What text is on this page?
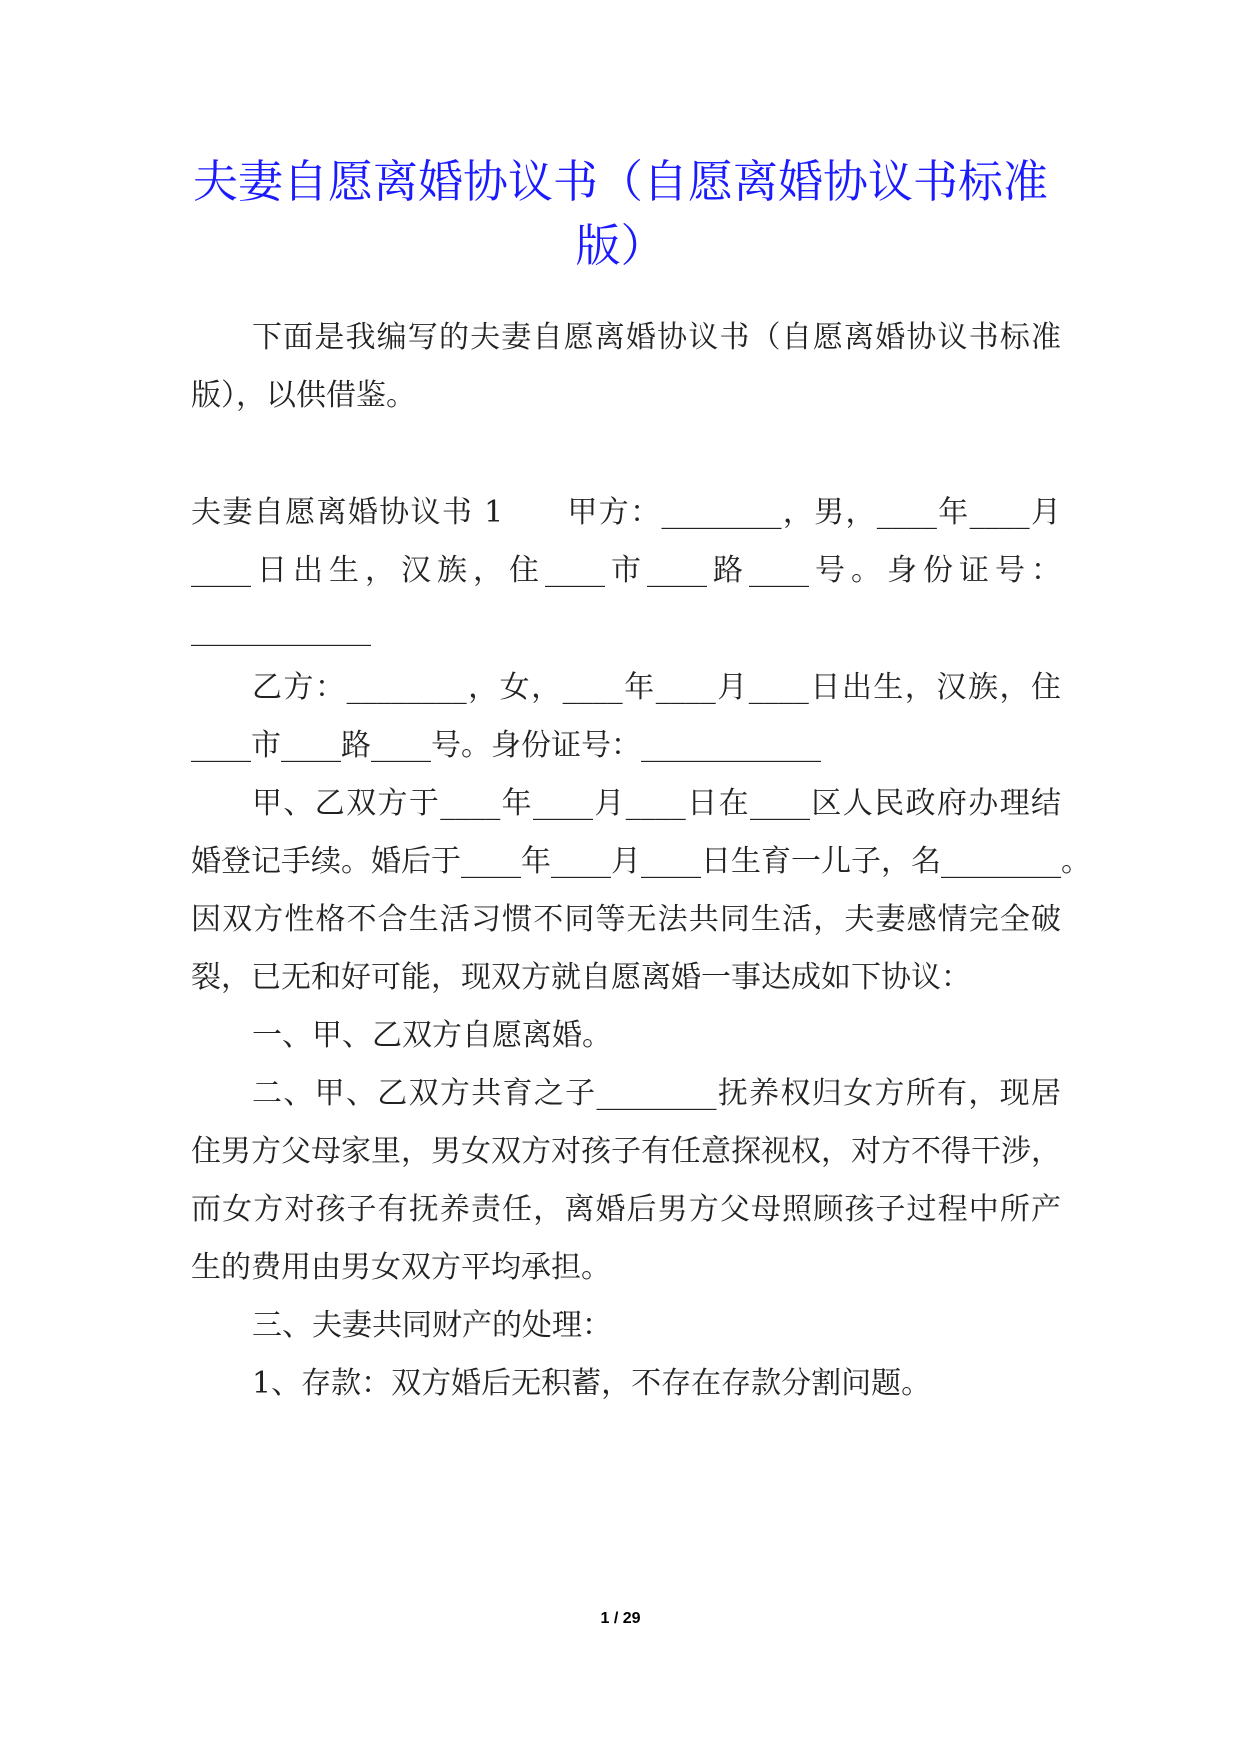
夫妻自愿离婚协议书（自愿离婚协议书标准
版）
下面是我编写的夫妻自愿离婚协议书（自愿离婚协议书标准
版），以供借鉴。
夫妻自愿离婚协议书 1　　甲方：________，男，____年____月
____日出生，汉族，住____市____路____号。身份证号：
____________
乙方：________，女，____年____月____日出生，汉族，住
____市____路____号。身份证号：____________
甲、乙双方于____年____月____日在____区人民政府办理结
婚登记手续。婚后于____年____月____日生育一儿子，名________。
因双方性格不合生活习惯不同等无法共同生活，夫妻感情完全破
裂，已无和好可能，现双方就自愿离婚一事达成如下协议：
一、甲、乙双方自愿离婚。
二、甲、乙双方共育之子________抚养权归女方所有，现居
住男方父母家里，男女双方对孩子有任意探视权，对方不得干涉，
而女方对孩子有抚养责任，离婚后男方父母照顾孩子过程中所产
生的费用由男女双方平均承担。
三、夫妻共同财产的处理：
1、存款：双方婚后无积蓄，不存在存款分割问题。
1 / 29
